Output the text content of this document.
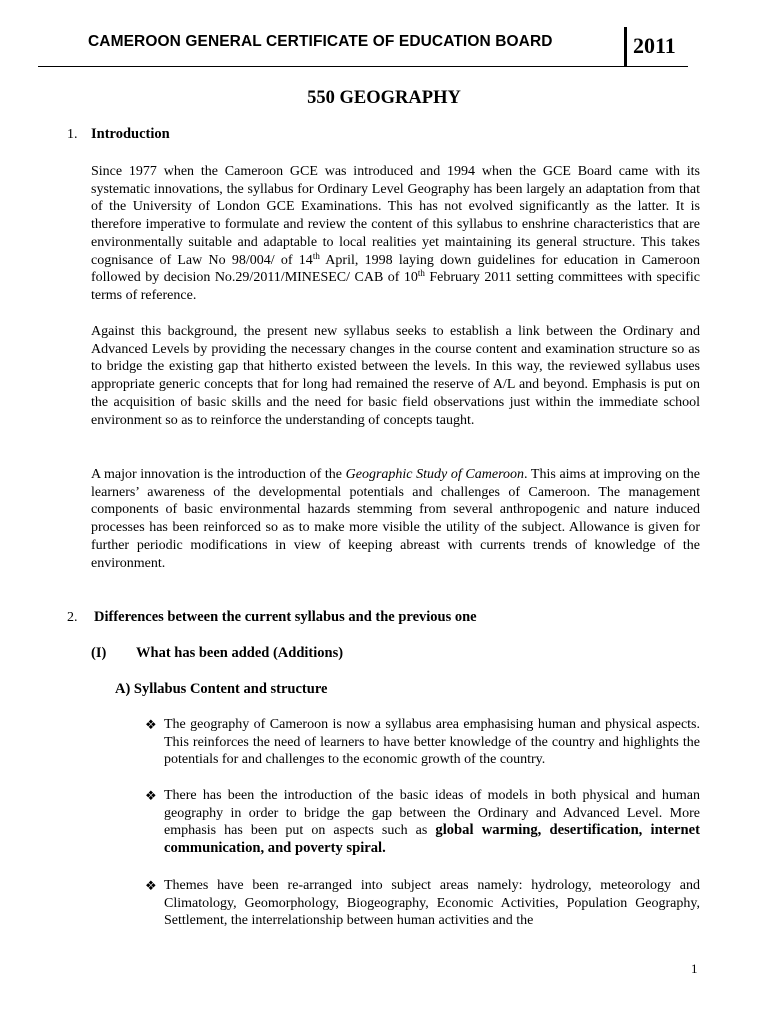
CAMEROON GENERAL CERTIFICATE OF EDUCATION BOARD	2011
550 GEOGRAPHY
1. Introduction

Since 1977 when the Cameroon GCE was introduced and 1994 when the GCE Board came with its systematic innovations, the syllabus for Ordinary Level Geography has been largely an adaptation from that of the University of London GCE Examinations. This has not evolved significantly as the latter. It is therefore imperative to formulate and review the content of this syllabus to enshrine characteristics that are environmentally suitable and adaptable to local realities yet maintaining its general structure. This takes cognisance of Law No 98/004/ of 14th April, 1998 laying down guidelines for education in Cameroon followed by decision No.29/2011/MINESEC/ CAB of 10th February 2011 setting committees with specific terms of reference.

Against this background, the present new syllabus seeks to establish a link between the Ordinary and Advanced Levels by providing the necessary changes in the course content and examination structure so as to bridge the existing gap that hitherto existed between the levels. In this way, the reviewed syllabus uses appropriate generic concepts that for long had remained the reserve of A/L and beyond. Emphasis is put on the acquisition of basic skills and the need for basic field observations just within the immediate school environment so as to reinforce the understanding of concepts taught.

A major innovation is the introduction of the Geographic Study of Cameroon. This aims at improving on the learners’ awareness of the developmental potentials and challenges of Cameroon. The management components of basic environmental hazards stemming from several anthropogenic and nature induced processes has been reinforced so as to make more visible the utility of the subject. Allowance is given for further periodic modifications in view of keeping abreast with currents trends of knowledge of the environment.

2. Differences between the current syllabus and the previous one
(I) What has been added (Additions)
A) Syllabus Content and structure
❖ The geography of Cameroon is now a syllabus area emphasising human and physical aspects. This reinforces the need of learners to have better knowledge of the country and highlights the potentials for and challenges to the economic growth of the country.

❖ There has been the introduction of the basic ideas of models in both physical and human geography in order to bridge the gap between the Ordinary and Advanced Level. More emphasis has been put on aspects such as global warming, desertification, internet communication, and poverty spiral.

❖ Themes have been re-arranged into subject areas namely: hydrology, meteorology and Climatology, Geomorphology, Biogeography, Economic Activities, Population Geography, Settlement, the interrelationship between human activities and the

1
